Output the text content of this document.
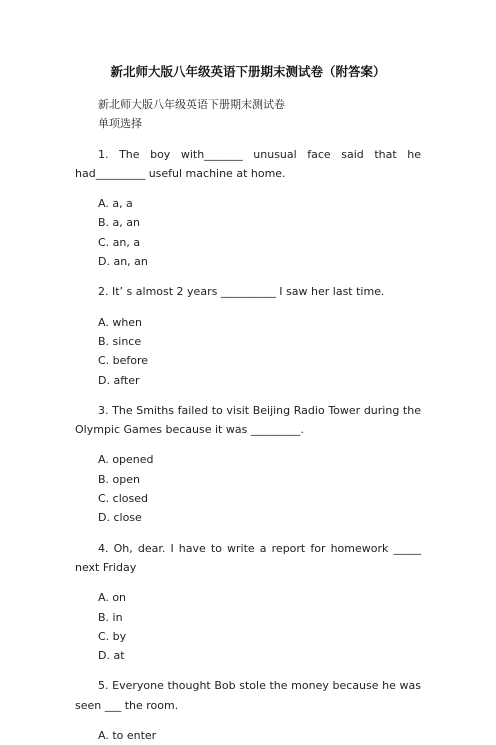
新北师大版八年级英语下册期末测试卷（附答案）

新北师大版八年级英语下册期末测试卷

单项选择

1. The boy with_______ unusual face said that he had_________ useful machine at home.

A. a, a

B. a, an

C. an, a

D. an, an

2. It’ s almost 2 years __________ I saw her last time.

A. when

B. since

C. before

D. after

3. The Smiths failed to visit Beijing Radio Tower during the Olympic Games because it was _________.

A. opened

B. open

C. closed

D. close

4. Oh, dear. I have to write a report for homework _____ next Friday

A. on

B. in

C. by

D. at

5. Everyone thought Bob stole the money because he was seen ___ the room.

A. to enter
